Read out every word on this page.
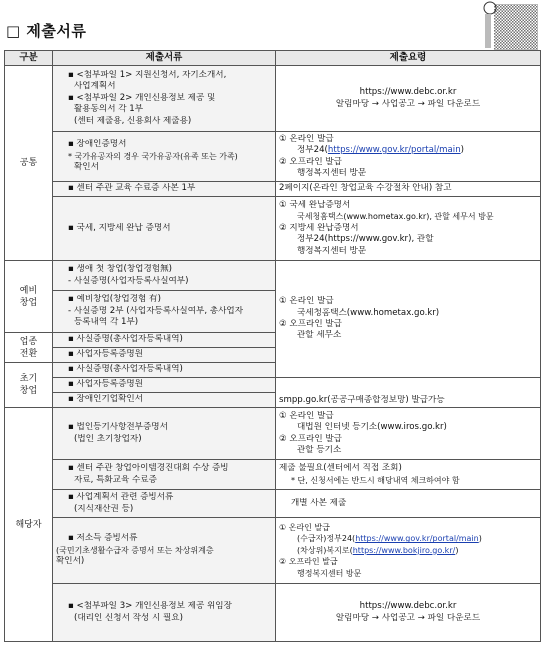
□ 제출서류
구분	제출서류	제출요령
공통	▪ <첨부파일 1> 지원신청서, 자기소개서,
사업계획서
▪ <첨부파일 2> 개인신용정보 제공 및
활용동의서 각 1부
(센터 제출용, 신용회사 제출용)	https://www.debc.or.kr
알림마당 → 사업공고 → 파일 다운로드

	▪ 장애인증명서
* 국가유공자의 경우 국가유공자(유족 또는 가족)
확인서	① 온라인 발급
정부24(https://www.gov.kr/portal/main)
② 오프라인 발급
행정복지센터 방문

	▪ 센터 주관 교육 수료증 사본 1부	2페이지(온라인 창업교육 수강절차 안내) 참고

	▪ 국세, 지방세 완납 증명서	① 국세 완납증명서
국세청홈택스(www.hometax.go.kr), 관할 세무서 방문
② 지방세 완납증명서
정부24(https://www.gov.kr), 관할
행정복지센터 방문

예비
창업	▪ 생애 첫 창업(창업경험無)
- 사실증명(사업자등록사실여부)	① 온라인 발급
국세청홈택스(www.hometax.go.kr)
② 오프라인 발급
관할 세무소

	▪ 예비창업(창업경험 有)
- 사실증명 2부 (사업자등록사실여부, 총사업자
등록내역 각 1부)	

업종
전환	▪ 사실증명(총사업자등록내역)	

	▪ 사업자등록증명원	

초기
창업	▪ 사실증명(총사업자등록내역)	

	▪ 사업자등록증명원	smpp.go.kr(공공구매종합정보망) 발급가능

	▪ 장애인기업확인서	

해당자	▪ 법인등기사항전부증명서
(법인 초기창업자)	① 온라인 발급
대법원 인터넷 등기소(www.iros.go.kr)
② 오프라인 발급
관할 등기소

	▪ 센터 주관 창업아이템경진대회 수상 증빙
자료, 특화교육 수료증	제출 불필요(센터에서 직접 조회)
* 단, 신청서에는 반드시 해당내역 체크하여야 함

	▪ 사업계획서 관련 증빙서류
(지식재산권 등)	개별 사본 제출

	▪ 저소득 증빙서류
(국민기초생활수급자 증명서 또는 차상위계층
확인서)	① 온라인 발급
(수급자)정부24(https://www.gov.kr/portal/main)
(차상위)복지로(https://www.bokjiro.go.kr/)
② 오프라인 발급
행정복지센터 방문

	▪ <첨부파일 3> 개인신용정보 제공 위임장
(대리인 신청서 작성 시 필요)	https://www.debc.or.kr
알림마당 → 사업공고 → 파일 다운로드
